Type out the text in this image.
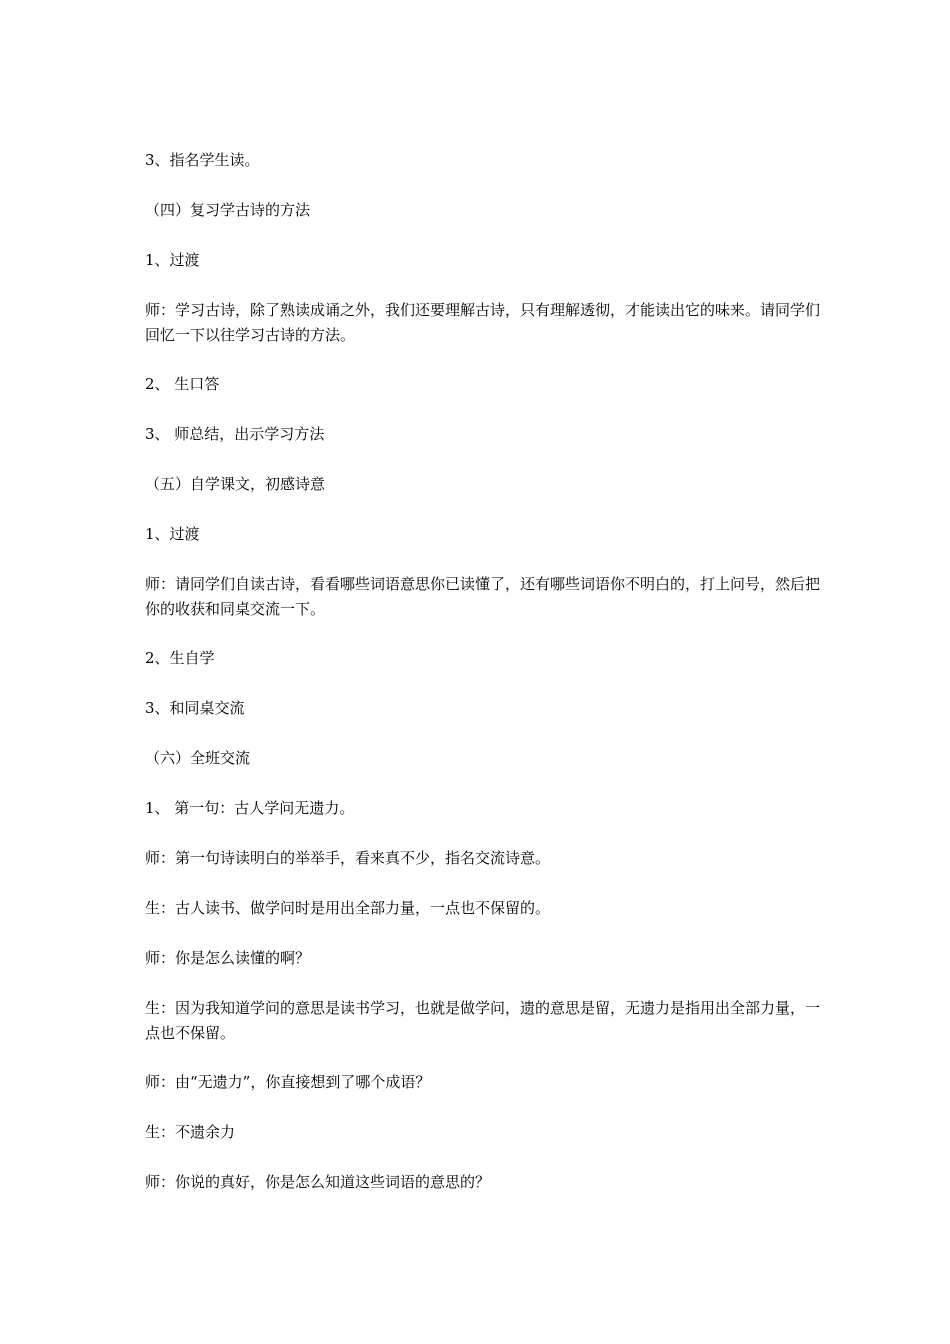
3、指名学生读。

（四）复习学古诗的方法

1、过渡

师：学习古诗，除了熟读成诵之外，我们还要理解古诗，只有理解透彻，才能读出它的味来。请同学们回忆一下以往学习古诗的方法。

2、 生口答

3、 师总结，出示学习方法

（五）自学课文，初感诗意

1、过渡

师：请同学们自读古诗，看看哪些词语意思你已读懂了，还有哪些词语你不明白的，打上问号，然后把你的收获和同桌交流一下。

2、生自学

3、和同桌交流

（六）全班交流

1、 第一句：古人学问无遗力。

师：第一句诗读明白的举举手，看来真不少，指名交流诗意。

生：古人读书、做学问时是用出全部力量，一点也不保留的。

师：你是怎么读懂的啊？

生：因为我知道学问的意思是读书学习，也就是做学问，遗的意思是留，无遗力是指用出全部力量，一点也不保留。

师：由“无遗力”，你直接想到了哪个成语？

生：不遗余力

师：你说的真好，你是怎么知道这些词语的意思的？
